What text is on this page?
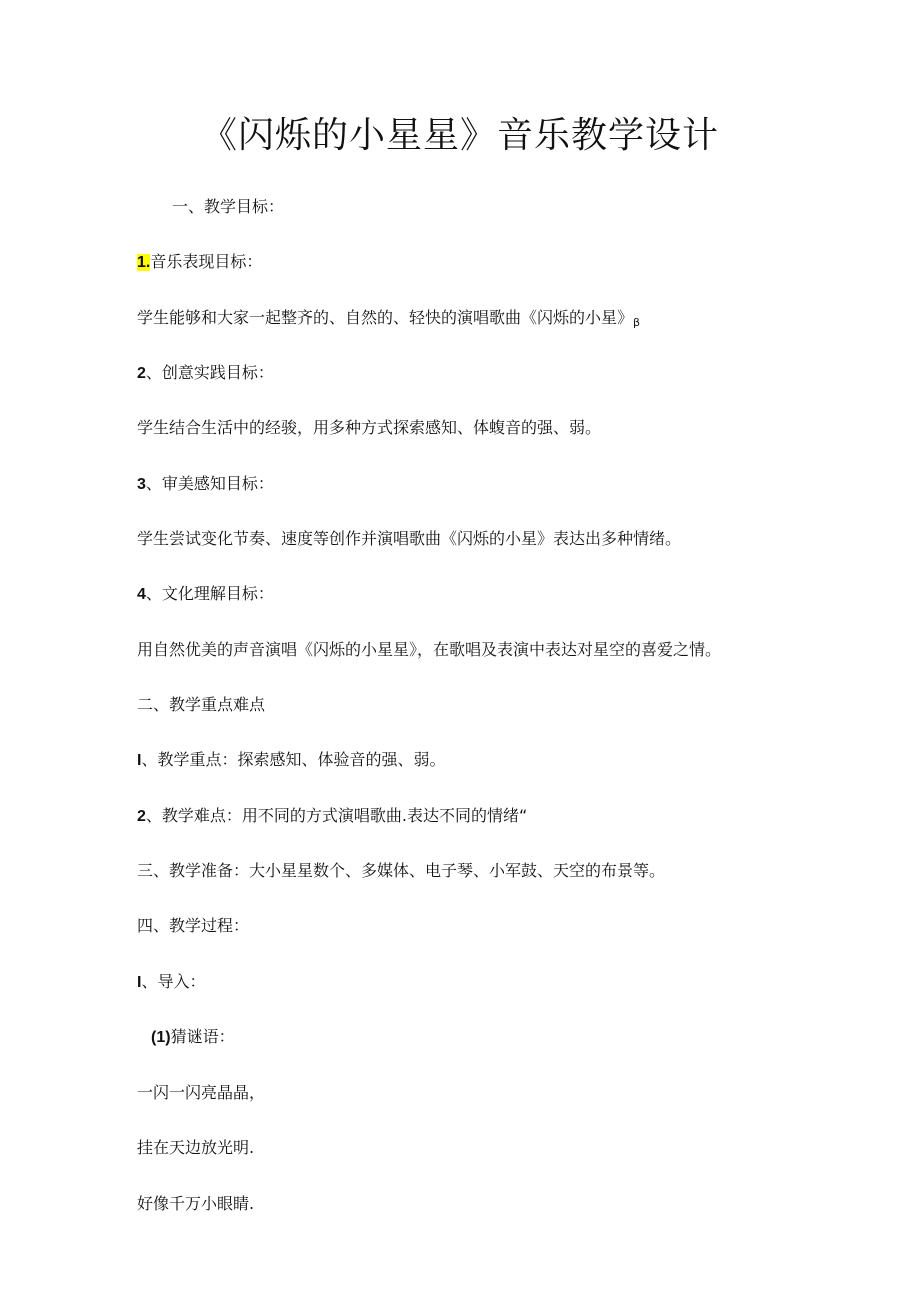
《闪烁的小星星》音乐教学设计
一、教学目标：
1.音乐表现目标：
学生能够和大家一起整齐的、自然的、轻快的演唱歌曲《闪烁的小星》$_\beta$
2、创意实践目标：
学生结合生活中的经骏，用多种方式探索感知、体蝮音的强、弱。
3、审美感知目标：
学生尝试变化节奏、速度等创作并演唱歌曲《闪烁的小星》表达出多种情绪。
4、文化理解目标：
用自然优美的声音演唱《闪烁的小星星》，在歌唱及表演中表达对星空的喜爱之情。
二、教学重点难点
I、教学重点：探索感知、体验音的强、弱。
2、教学难点：用不同的方式演唱歌曲.表达不同的情绪“
三、教学准备：大小星星数个、多媒体、电子琴、小军鼓、天空的布景等。
四、教学过程：
I、导入：
(1)猜谜语：
一闪一闪亮晶晶，
挂在天边放光明.
好像千万小眼睛.
